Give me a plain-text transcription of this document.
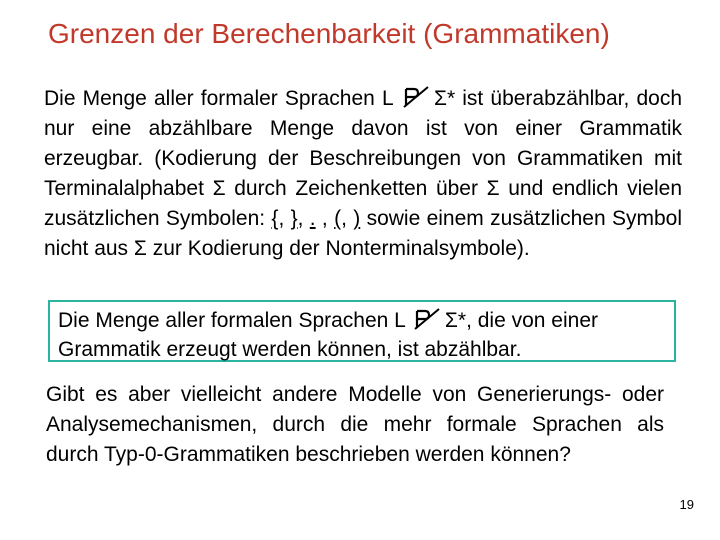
Grenzen der Berechenbarkeit (Grammatiken)
Die Menge aller formaler Sprachen L Σ* ist überabzählbar, doch nur eine abzählbare Menge davon ist von einer Grammatik erzeugbar. (Kodierung der Beschreibungen von Grammatiken mit Terminalalphabet Σ durch Zeichenketten über Σ und endlich vielen zusätzlichen Symbolen: {, }, . , (, ) sowie einem zusätzlichen Symbol nicht aus Σ zur Kodierung der Nonterminalsymbole).
Die Menge aller formalen Sprachen L Σ*, die von einer Grammatik erzeugt werden können, ist abzählbar.
Gibt es aber vielleicht andere Modelle von Generierungs- oder Analysemechanismen, durch die mehr formale Sprachen als durch Typ-0-Grammatiken beschrieben werden können?
19
